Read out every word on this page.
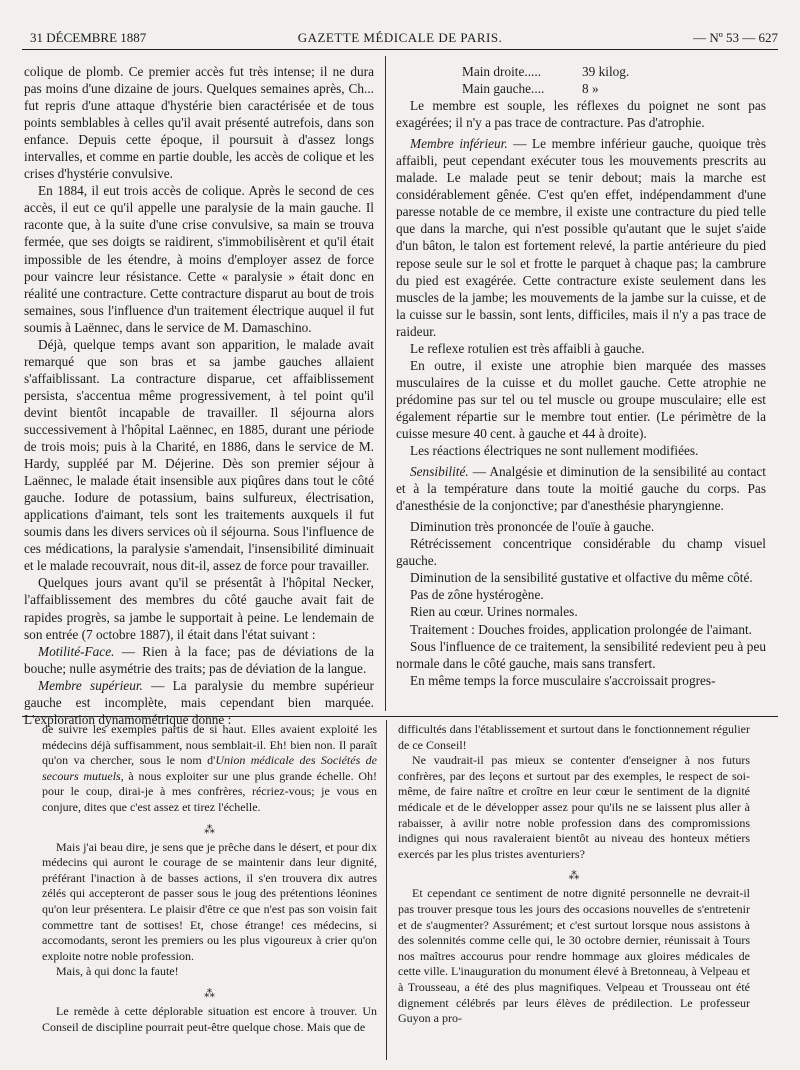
31 DÉCEMBRE 1887	GAZETTE MÉDICALE DE PARIS.	— Nº 53 — 627

colique de plomb. Ce premier accès fut très intense; il ne dura pas moins d'une dizaine de jours. Quelques semaines après, Ch... fut repris d'une attaque d'hystérie bien caractérisée et de tous points semblables à celles qu'il avait présenté autrefois, dans son enfance. Depuis cette époque, il poursuit à d'assez longs intervalles, et comme en partie double, les accès de colique et les crises d'hystérie convulsive.

En 1884, il eut trois accès de colique. Après le second de ces accès, il eut ce qu'il appelle une paralysie de la main gauche. Il raconte que, à la suite d'une crise convulsive, sa main se trouva fermée, que ses doigts se raidirent, s'immobilisèrent et qu'il était impossible de les étendre, à moins d'employer assez de force pour vaincre leur résistance. Cette « paralysie » était donc en réalité une contracture. Cette contracture disparut au bout de trois semaines, sous l'influence d'un traitement électrique auquel il fut soumis à Laënnec, dans le service de M. Damaschino.

Déjà, quelque temps avant son apparition, le malade avait remarqué que son bras et sa jambe gauches allaient s'affaiblissant. La contracture disparue, cet affaiblissement persista, s'accentua même progressivement, à tel point qu'il devint bientôt incapable de travailler. Il séjourna alors successivement à l'hôpital Laënnec, en 1885, durant une période de trois mois; puis à la Charité, en 1886, dans le service de M. Hardy, suppléé par M. Déjerine. Dès son premier séjour à Laënnec, le malade était insensible aux piqûres dans tout le côté gauche. Iodure de potassium, bains sulfureux, électrisation, applications d'aimant, tels sont les traitements auxquels il fut soumis dans les divers services où il séjourna. Sous l'influence de ces médications, la paralysie s'amendait, l'insensibilité diminuait et le malade recouvrait, nous dit-il, assez de force pour travailler.

Quelques jours avant qu'il se présentât à l'hôpital Necker, l'affaiblissement des membres du côté gauche avait fait de rapides progrès, sa jambe le supportait à peine. Le lendemain de son entrée (7 octobre 1887), il était dans l'état suivant :

Motilité-Face. — Rien à la face; pas de déviations de la bouche; nulle asymétrie des traits; pas de déviation de la langue.

Membre supérieur. — La paralysie du membre supérieur gauche est incomplète, mais cependant bien marquée. L'exploration dynamométrique donne :

Main droite.....	39 kilog.
Main gauche....	8 »

Le membre est souple, les réflexes du poignet ne sont pas exagérées; il n'y a pas trace de contracture. Pas d'atrophie.

Membre inférieur. — Le membre inférieur gauche, quoique très affaibli, peut cependant exécuter tous les mouvements prescrits au malade. Le malade peut se tenir debout; mais la marche est considérablement gênée. C'est qu'en effet, indépendamment d'une paresse notable de ce membre, il existe une contracture du pied telle que dans la marche, qui n'est possible qu'autant que le sujet s'aide d'un bâton, le talon est fortement relevé, la partie antérieure du pied repose seule sur le sol et frotte le parquet à chaque pas; la cambrure du pied est exagérée. Cette contracture existe seulement dans les muscles de la jambe; les mouvements de la jambe sur la cuisse, et de la cuisse sur le bassin, sont lents, difficiles, mais il n'y a pas trace de raideur.

Le reflexe rotulien est très affaibli à gauche.

En outre, il existe une atrophie bien marquée des masses musculaires de la cuisse et du mollet gauche. Cette atrophie ne prédomine pas sur tel ou tel muscle ou groupe musculaire; elle est également répartie sur le membre tout entier. (Le périmètre de la cuisse mesure 40 cent. à gauche et 44 à droite).

Les réactions électriques ne sont nullement modifiées.

Sensibilité. — Analgésie et diminution de la sensibilité au contact et à la température dans toute la moitié gauche du corps. Pas d'anesthésie de la conjonctive; par d'anesthésie pharyngienne.

Diminution très prononcée de l'ouïe à gauche.

Rétrécissement concentrique considérable du champ visuel gauche.

Diminution de la sensibilité gustative et olfactive du même côté.

Pas de zône hystérogène.

Rien au cœur. Urines normales.

Traitement : Douches froides, application prolongée de l'aimant.

Sous l'influence de ce traitement, la sensibilité redevient peu à peu normale dans le côté gauche, mais sans transfert.

En même temps la force musculaire s'accroissait progres-

de suivre les exemples partis de si haut. Elles avaient exploité les médecins déjà suffisamment, nous semblait-il. Eh! bien non. Il paraît qu'on va chercher, sous le nom d'Union médicale des Sociétés de secours mutuels, à nous exploiter sur une plus grande échelle. Oh! pour le coup, dirai-je à mes confrères, récriez-vous; je vous en conjure, dites que c'est assez et tirez l'échelle.

⁂

Mais j'ai beau dire, je sens que je prêche dans le désert, et pour dix médecins qui auront le courage de se maintenir dans leur dignité, préférant l'inaction à de basses actions, il s'en trouvera dix autres zélés qui accepteront de passer sous le joug des prétentions léonines qu'on leur présentera. Le plaisir d'être ce que n'est pas son voisin fait commettre tant de sottises! Et, chose étrange! ces médecins, si accomodants, seront les premiers ou les plus vigoureux à crier qu'on exploite notre noble profession.

Mais, à qui donc la faute!

⁂

Le remède à cette déplorable situation est encore à trouver. Un Conseil de discipline pourrait peut-être quelque chose. Mais que de

difficultés dans l'établissement et surtout dans le fonctionnement régulier de ce Conseil!

Ne vaudrait-il pas mieux se contenter d'enseigner à nos futurs confrères, par des leçons et surtout par des exemples, le respect de soi-même, de faire naître et croître en leur cœur le sentiment de la dignité médicale et de le développer assez pour qu'ils ne se laissent plus aller à rabaisser, à avilir notre noble profession dans des compromissions indignes qui nous ravaleraient bientôt au niveau des honteux métiers exercés par les plus tristes aventuriers?

⁂

Et cependant ce sentiment de notre dignité personnelle ne devrait-il pas trouver presque tous les jours des occasions nouvelles de s'entretenir et de s'augmenter? Assurément; et c'est surtout lorsque nous assistons à des solennités comme celle qui, le 30 octobre dernier, réunissait à Tours nos maîtres accourus pour rendre hommage aux gloires médicales de cette ville. L'inauguration du monument élevé à Bretonneau, à Velpeau et à Trousseau, a été des plus magnifiques. Velpeau et Trousseau ont été dignement célébrés par leurs élèves de prédilection. Le professeur Guyon a pro-
